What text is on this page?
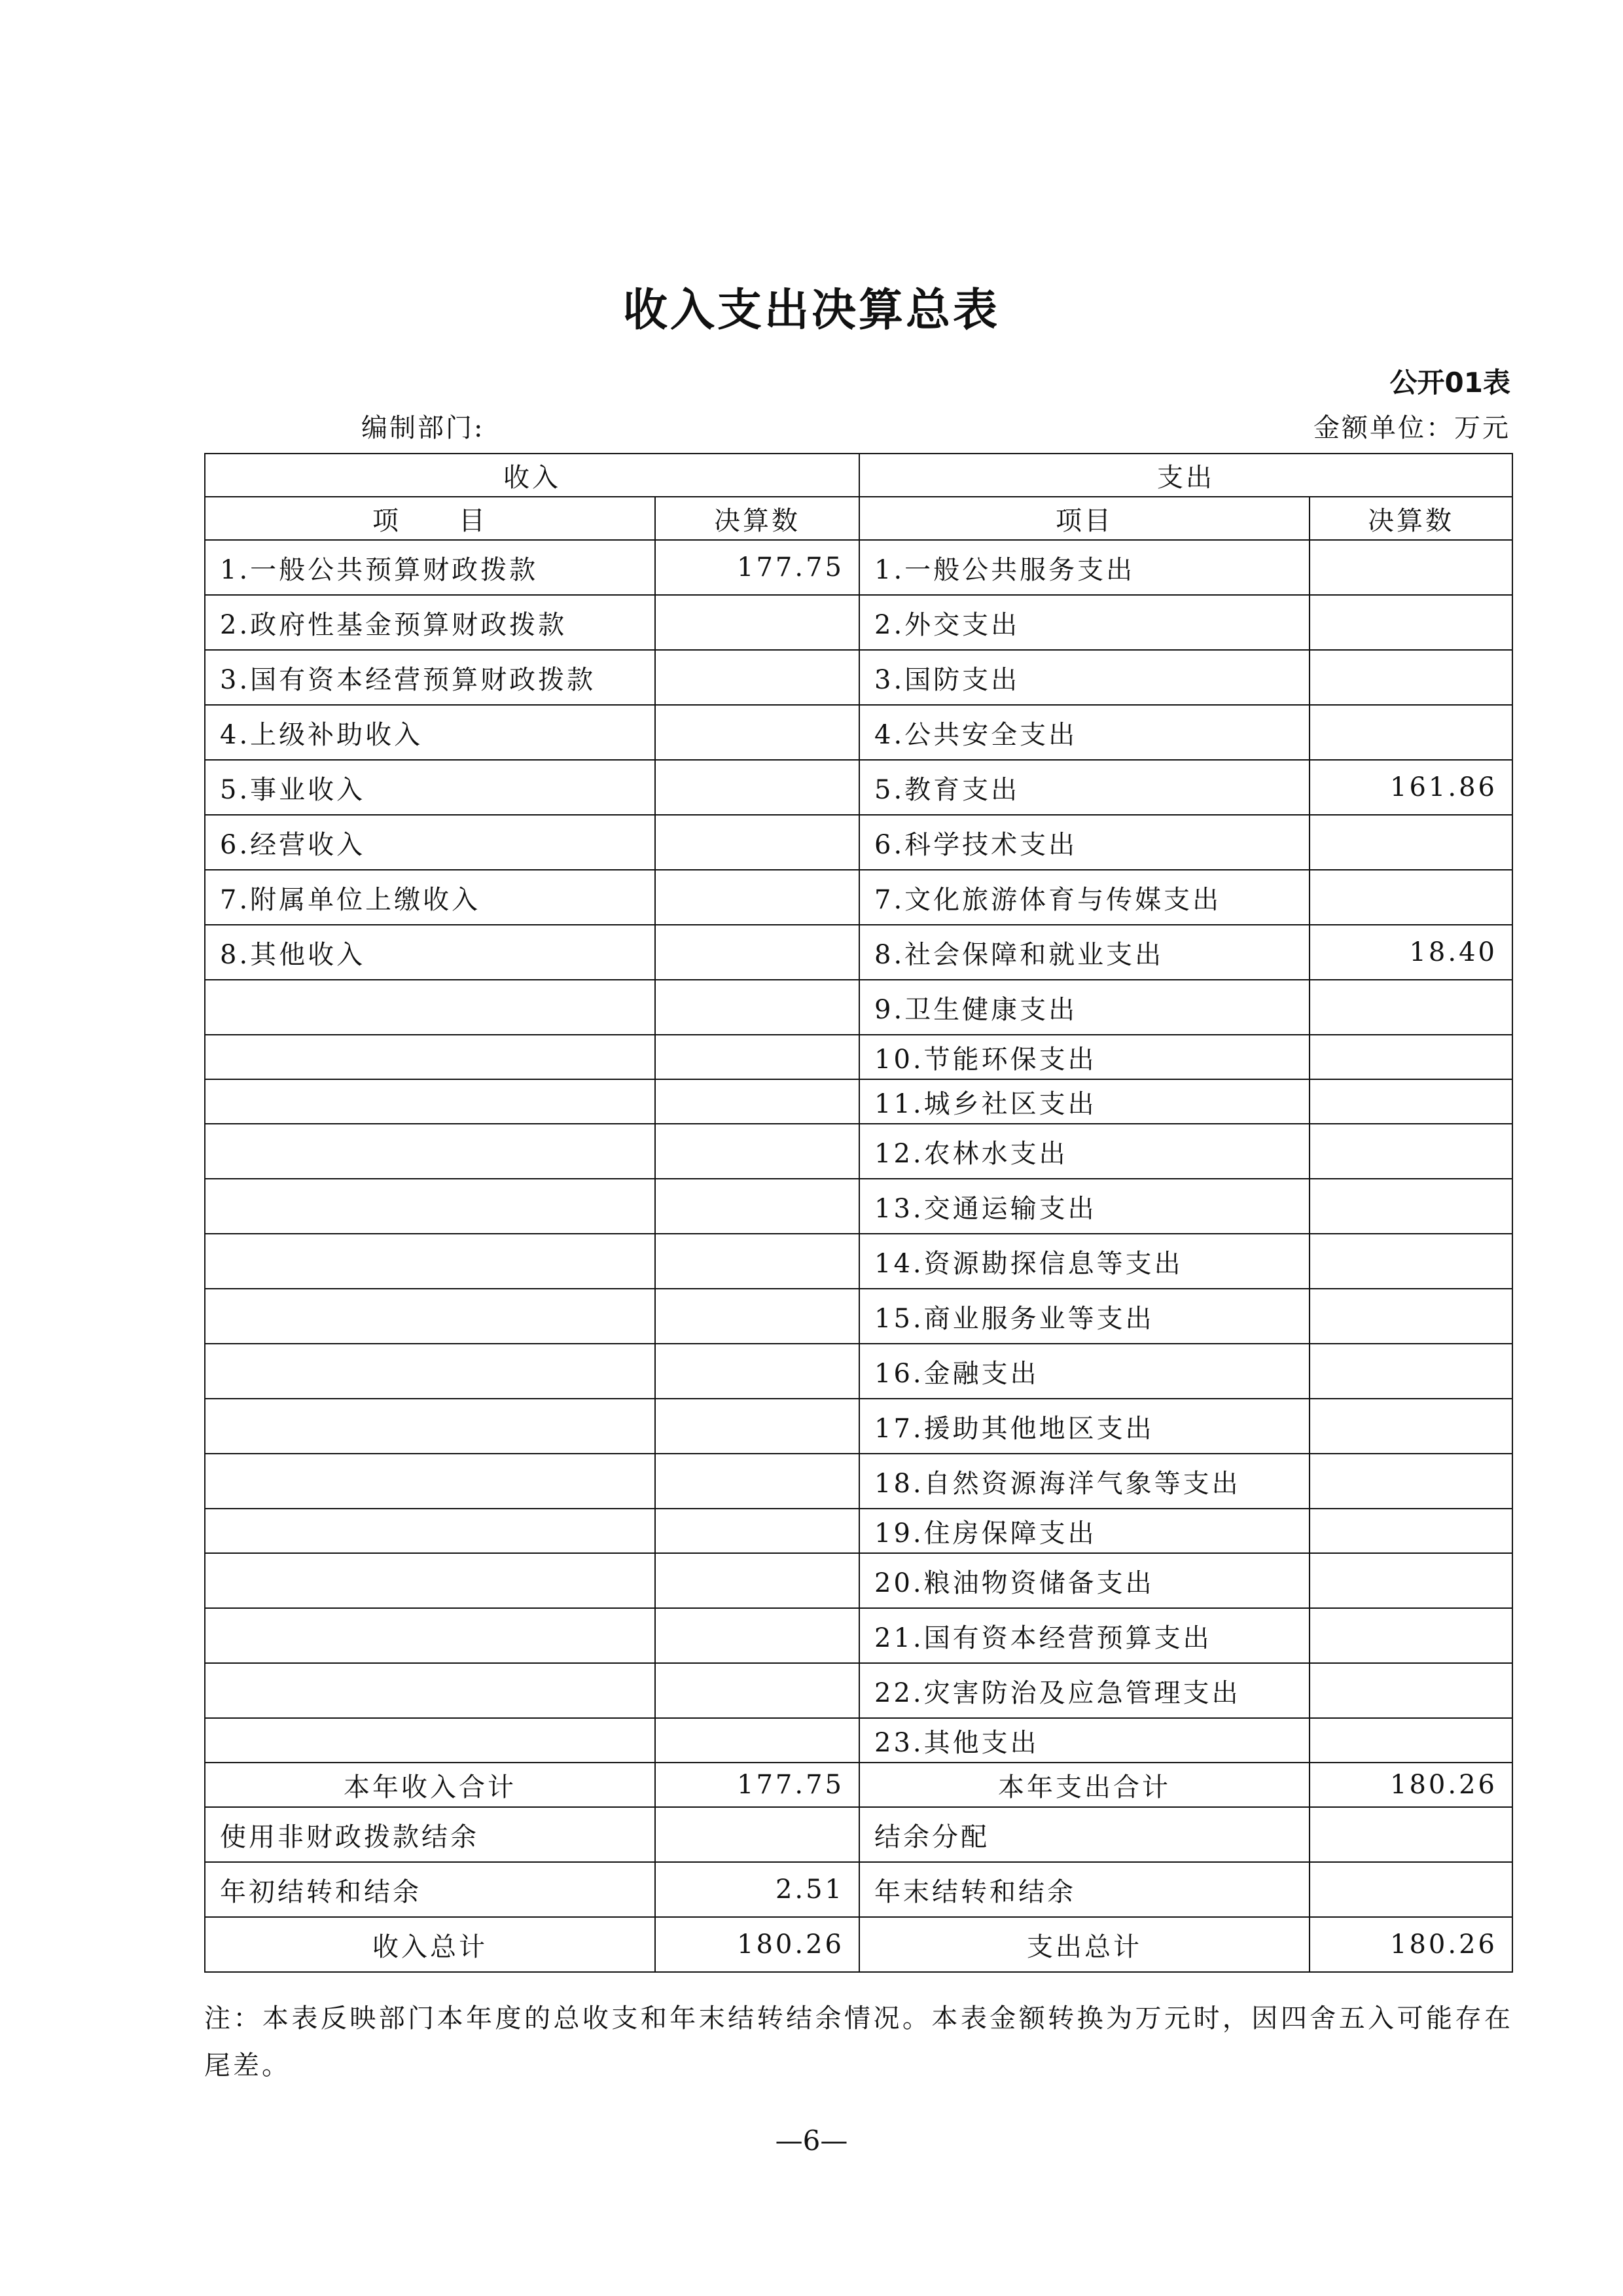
收入支出决算总表
公开01表
编制部门:	金额单位：万元
收入		支出	
项　　目	决算数	项目	决算数
1.一般公共预算财政拨款	177.75	1.一般公共服务支出	
2.政府性基金预算财政拨款		2.外交支出	
3.国有资本经营预算财政拨款		3.国防支出	
4.上级补助收入		4.公共安全支出	
5.事业收入		5.教育支出	161.86
6.经营收入		6.科学技术支出	
7.附属单位上缴收入		7.文化旅游体育与传媒支出	
8.其他收入		8.社会保障和就业支出	18.40
		9.卫生健康支出	
		10.节能环保支出	
		11.城乡社区支出	
		12.农林水支出	
		13.交通运输支出	
		14.资源勘探信息等支出	
		15.商业服务业等支出	
		16.金融支出	
		17.援助其他地区支出	
		18.自然资源海洋气象等支出	
		19.住房保障支出	
		20.粮油物资储备支出	
		21.国有资本经营预算支出	
		22.灾害防治及应急管理支出	
		23.其他支出	
本年收入合计	177.75	本年支出合计	180.26
使用非财政拨款结余		结余分配	
年初结转和结余	2.51	年末结转和结余	
收入总计	180.26	支出总计	180.26
注：本表反映部门本年度的总收支和年末结转结余情况。本表金额转换为万元时，因四舍五入可能存在尾差。
—6—
